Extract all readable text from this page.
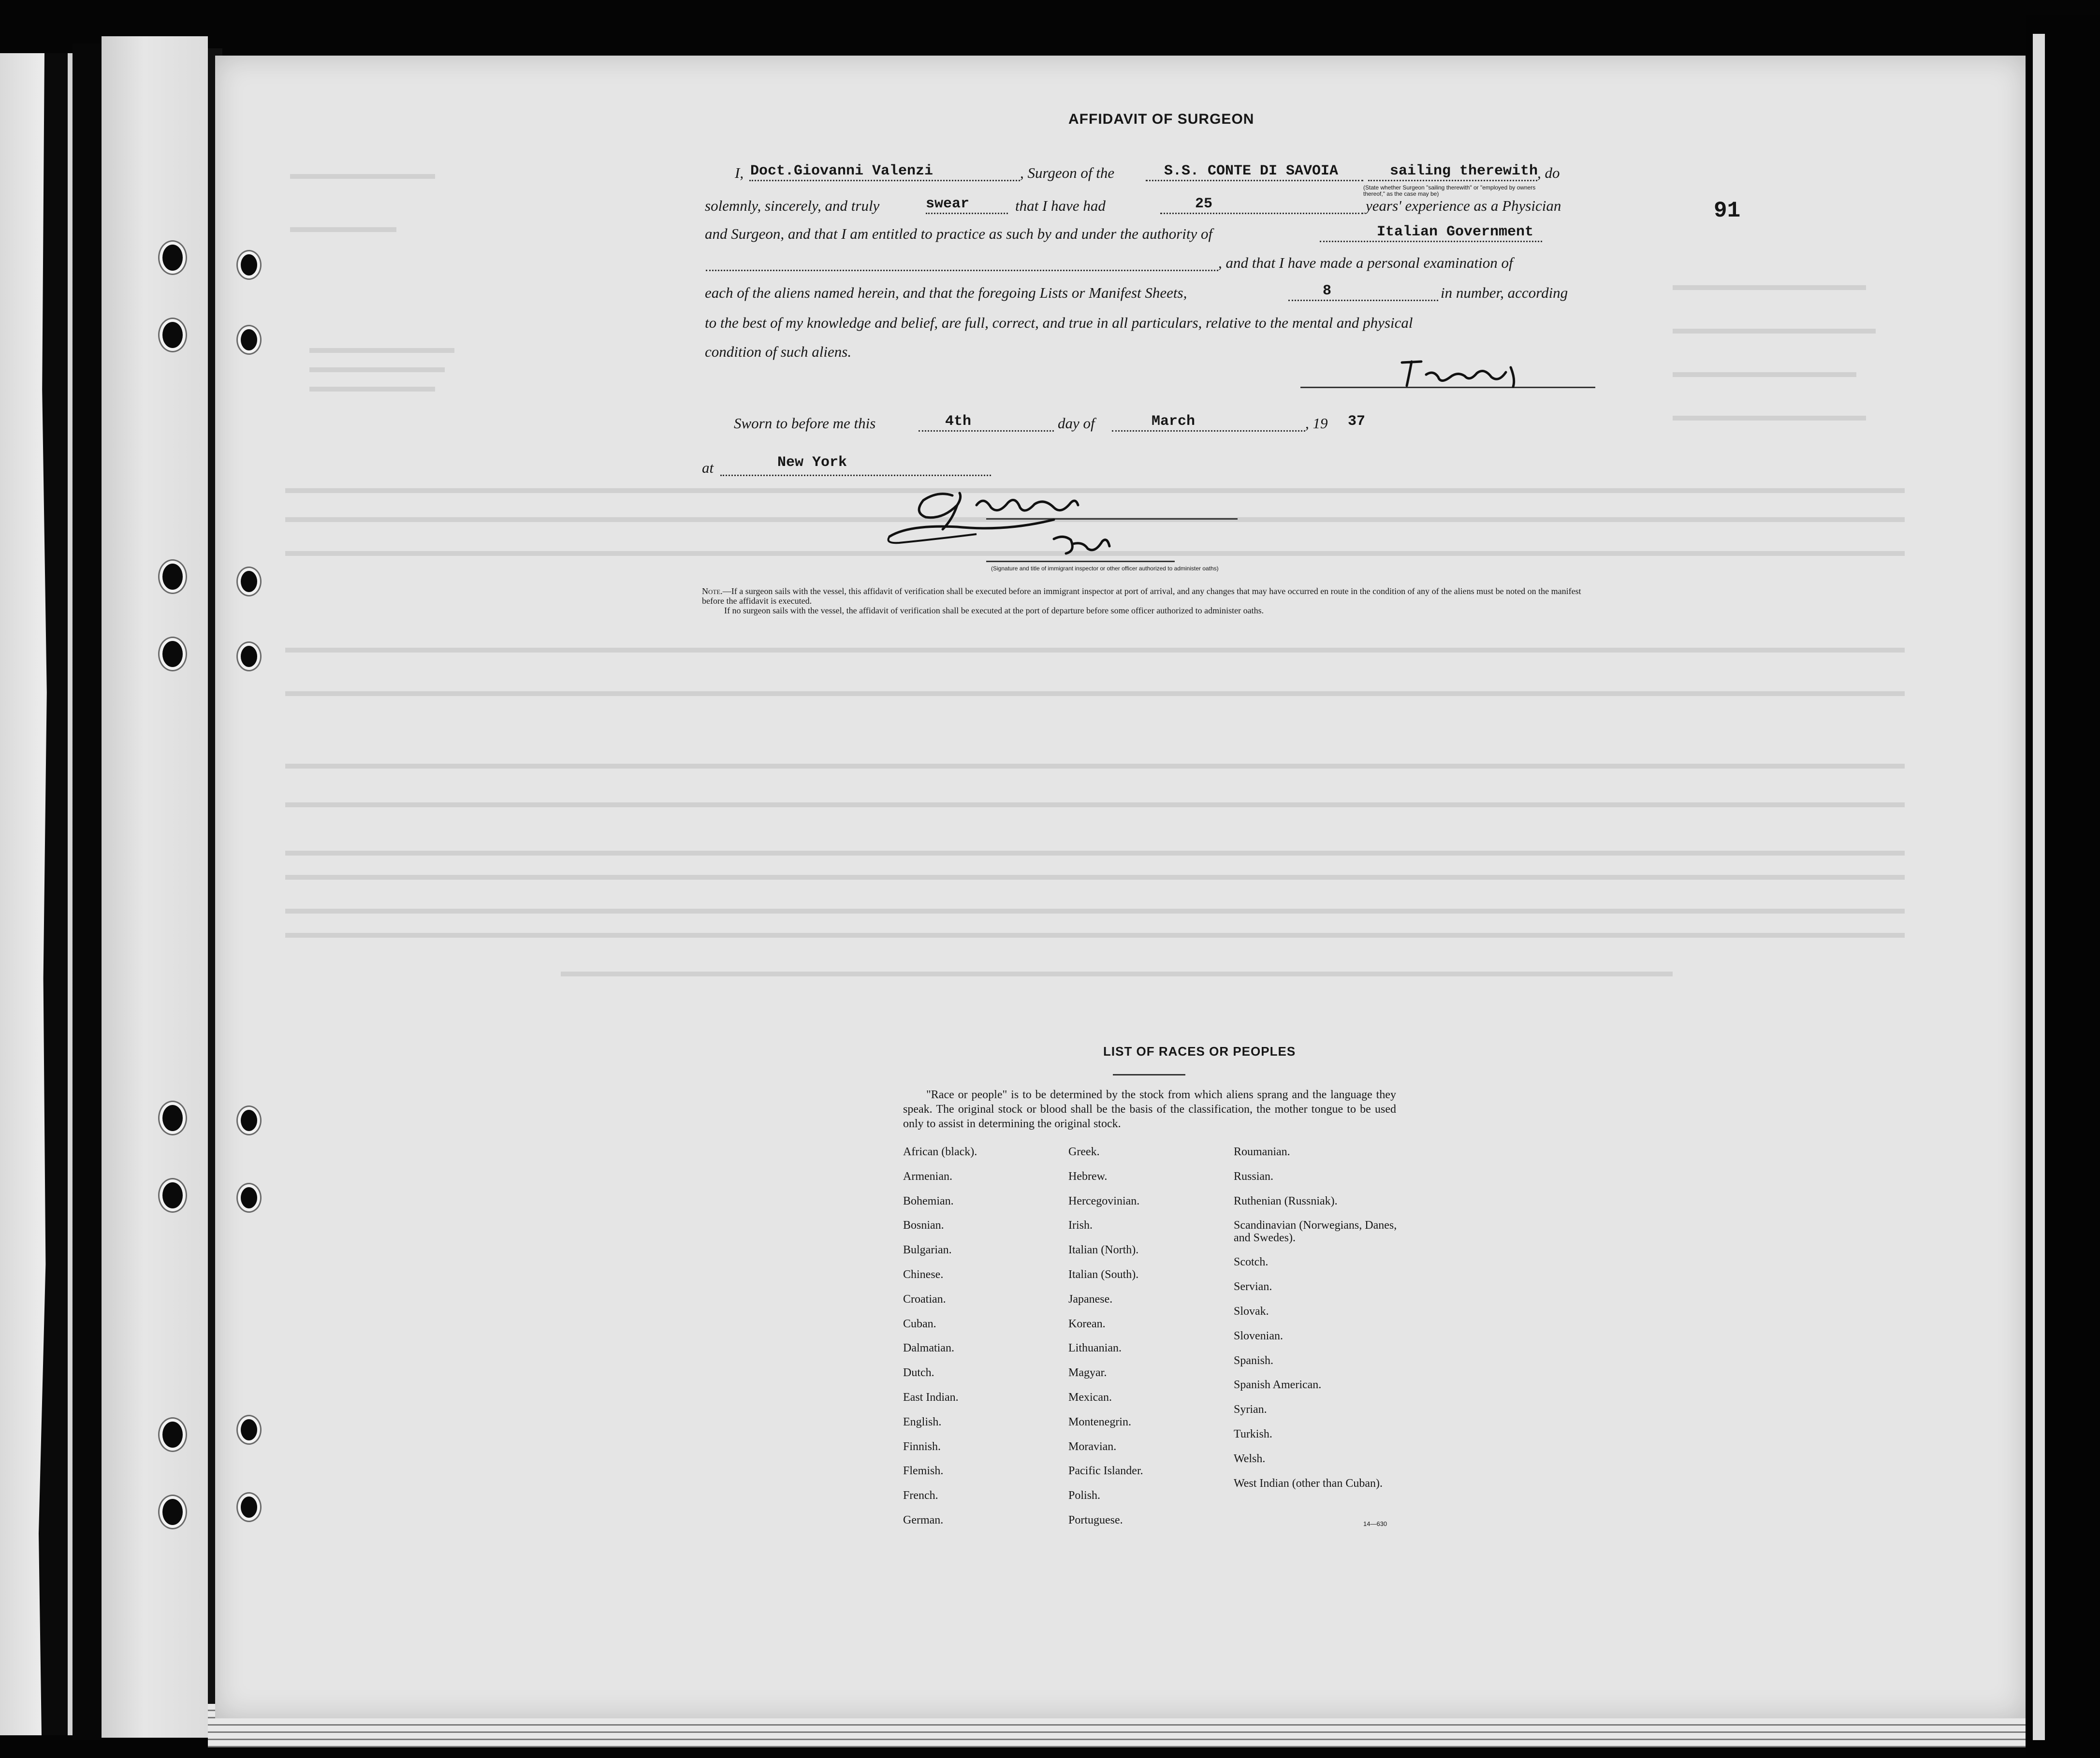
91
AFFIDAVIT OF SURGEON
I, Doct.Giovanni Valenzi	, Surgeon of the	S.S. CONTE DI SAVOIA	sailing therewith
, do
(State whether Surgeon "sailing therewith" or "employed by owners thereof," as the case may be)
solemnly, sincerely, and truly	swear	that I have had	25	years' experience as a Physician
and Surgeon, and that I am entitled to practice as such by and under the authority of	Italian Government
, and that I have made a personal examination of
each of the aliens named herein, and that the foregoing Lists or Manifest Sheets,	8	in number, according
to the best of my knowledge and belief, are full, correct, and true in all particulars, relative to the mental and physical
condition of such aliens.
Sworn to before me this	4th	day of	March	, 19 37
at	New York
(Signature and title of immigrant inspector or other officer authorized to administer oaths)
Note.—If a surgeon sails with the vessel, this affidavit of verification shall be executed before an immigrant inspector at port of arrival, and any changes that may have occurred en route in the condition of any of the aliens must be noted on the manifest before the affidavit is executed.
If no surgeon sails with the vessel, the affidavit of verification shall be executed at the port of departure before some officer authorized to administer oaths.
LIST OF RACES OR PEOPLES
"Race or people" is to be determined by the stock from which aliens sprang and the language they speak. The original stock or blood shall be the basis of the classification, the mother tongue to be used only to assist in determining the original stock.
African (black).
Armenian.
Bohemian.
Bosnian.
Bulgarian.
Chinese.
Croatian.
Cuban.
Dalmatian.
Dutch.
East Indian.
English.
Finnish.
Flemish.
French.
German.
Greek.
Hebrew.
Hercegovinian.
Irish.
Italian (North).
Italian (South).
Japanese.
Korean.
Lithuanian.
Magyar.
Mexican.
Montenegrin.
Moravian.
Pacific Islander.
Polish.
Portuguese.
Roumanian.
Russian.
Ruthenian (Russniak).
Scandinavian (Norwegians, Danes, and Swedes).
Scotch.
Servian.
Slovak.
Slovenian.
Spanish.
Spanish American.
Syrian.
Turkish.
Welsh.
West Indian (other than Cuban).
14—630
